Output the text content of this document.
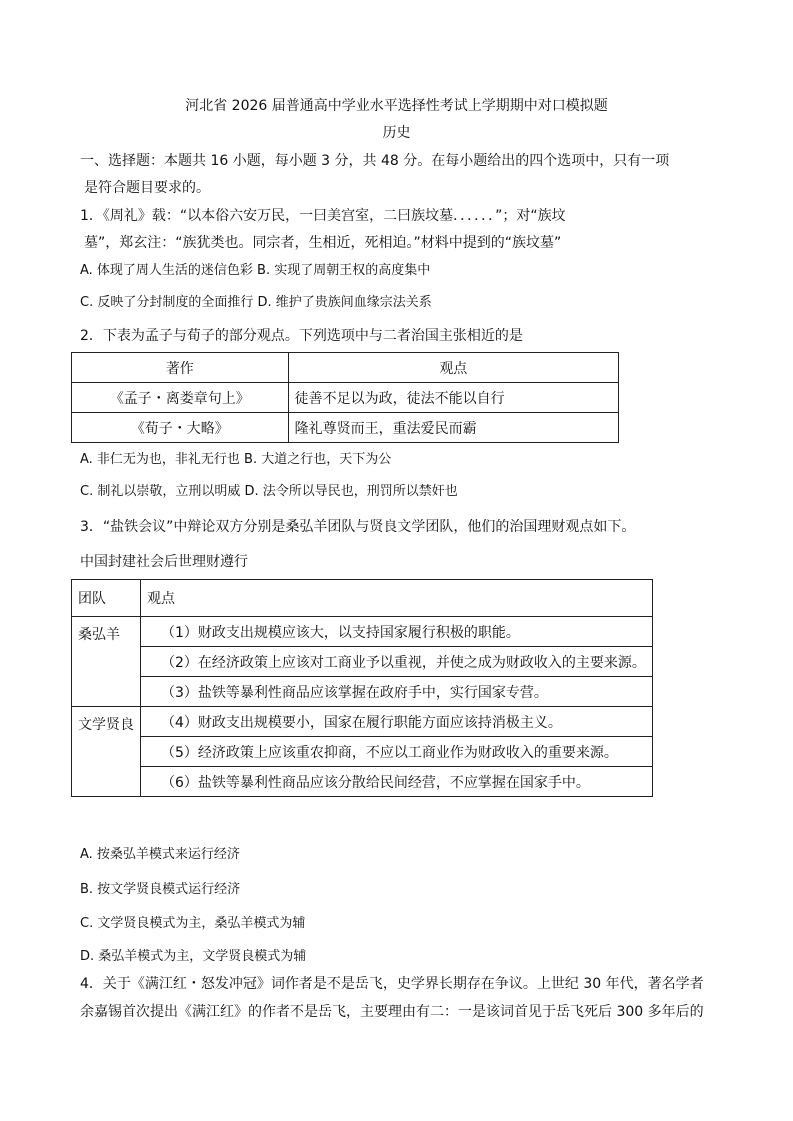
河北省 2026 届普通高中学业水平选择性考试上学期期中对口模拟题
历史
一、选择题：本题共 16 小题，每小题 3 分，共 48 分。在每小题给出的四个选项中，只有一项
是符合题目要求的。
1．《周礼》载：“以本俗六安万民，一曰美宫室，二曰族坟墓．．．．．．”；对“族坟
墓”，郑玄注：“族犹类也。同宗者，生相近，死相迫。”材料中提到的“族坟墓”
A. 体现了周人生活的迷信色彩 B. 实现了周朝王权的高度集中
C. 反映了分封制度的全面推行 D. 维护了贵族间血缘宗法关系
2．下表为孟子与荀子的部分观点。下列选项中与二者治国主张相近的是
著作	观点
《孟子・离娄章句上》	徒善不足以为政，徒法不能以自行
《荀子・大略》	隆礼尊贤而王，重法爱民而霸
A. 非仁无为也，非礼无行也 B. 大道之行也，天下为公
C. 制礼以崇敬，立刑以明威 D. 法令所以导民也，刑罚所以禁奸也
3．“盐铁会议”中辩论双方分别是桑弘羊团队与贤良文学团队，他们的治国理财观点如下。
中国封建社会后世理财遵行
团队	观点

桑弘羊	（1）财政支出规模应该大，以支持国家履行积极的职能。
	（2）在经济政策上应该对工商业予以重视，并使之成为财政收入的主要来源。
	（3）盐铁等暴利性商品应该掌握在政府手中，实行国家专营。

文学贤良	（4）财政支出规模要小，国家在履行职能方面应该持消极主义。
	（5）经济政策上应该重农抑商，不应以工商业作为财政收入的重要来源。
	（6）盐铁等暴利性商品应该分散给民间经营，不应掌握在国家手中。
A. 按桑弘羊模式来运行经济
B. 按文学贤良模式运行经济
C. 文学贤良模式为主，桑弘羊模式为辅
D. 桑弘羊模式为主，文学贤良模式为辅
4．关于《满江红・怒发冲冠》词作者是不是岳飞，史学界长期存在争议。上世纪 30 年代，著名学者
余嘉锡首次提出《满江红》的作者不是岳飞，主要理由有二：一是该词首见于岳飞死后 300 多年后的
